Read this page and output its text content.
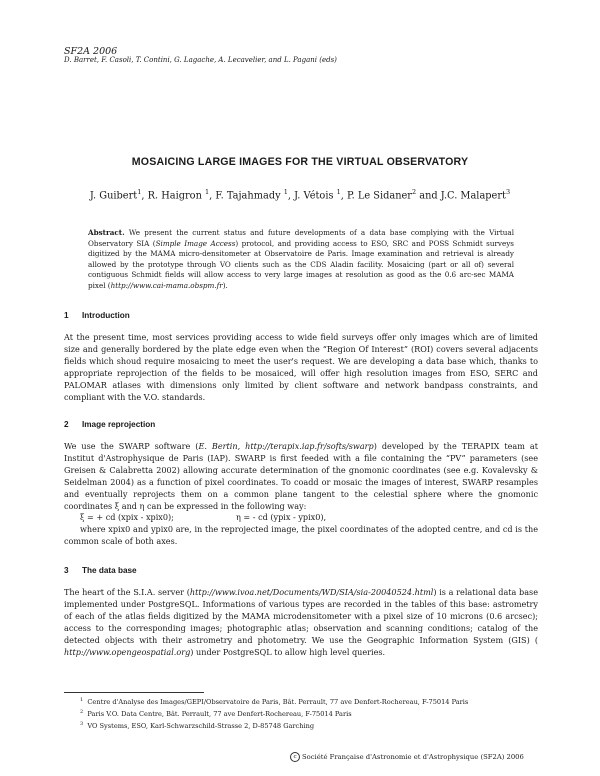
SF2A 2006
D. Barret, F. Casoli, T. Contini, G. Lagache, A. Lecavelier, and L. Pagani (eds)
MOSAICING LARGE IMAGES FOR THE VIRTUAL OBSERVATORY
J. Guibert$^1$, R. Haigron $^1$, F. Tajahmady $^1$, J. Vétois $^1$, P. Le Sidaner$^2$ and J.C. Malapert$^3$
Abstract. We present the current status and future developments of a data base complying with the Virtual Observatory SIA (Simple Image Access) protocol, and providing access to ESO, SRC and POSS Schmidt surveys digitized by the MAMA micro-densitometer at Observatoire de Paris. Image examination and retrieval is already allowed by the prototype through VO clients such as the CDS Aladin facility. Mosaicing (part or all of) several contiguous Schmidt fields will allow access to very large images at resolution as good as the 0.6 arc-sec MAMA pixel (http://www.cai-mama.obspm.fr).
1 Introduction
At the present time, most services providing access to wide field surveys offer only images which are of limited size and generally bordered by the plate edge even when the “Region Of Interest” (ROI) covers several adjacents fields which shoud require mosaicing to meet the user's request. We are developing a data base which, thanks to appropriate reprojection of the fields to be mosaiced, will offer high resolution images from ESO, SERC and PALOMAR atlases with dimensions only limited by client software and network bandpass constraints, and compliant with the V.O. standards.
2 Image reprojection
We use the SWARP software (E. Bertin, http://terapix.iap.fr/softs/swarp) developed by the TERAPIX team at Institut d'Astrophysique de Paris (IAP). SWARP is first feeded with a file containing the “PV” parameters (see Greisen & Calabretta 2002) allowing accurate determination of the gnomonic coordinates (see e.g. Kovalevsky & Seidelman 2004) as a function of pixel coordinates. To coadd or mosaic the images of interest, SWARP resamples and eventually reprojects them on a common plane tangent to the celestial sphere where the gnomonic coordinates ξ and η can be expressed in the following way:
ξ = + cd (xpix - xpix0);	η = - cd (ypix - ypix0),
where xpix0 and ypix0 are, in the reprojected image, the pixel coordinates of the adopted centre, and cd is the common scale of both axes.
3 The data base
The heart of the S.I.A. server (http://www.ivoa.net/Documents/WD/SIA/sia-20040524.html) is a relational data base implemented under PostgreSQL. Informations of various types are recorded in the tables of this base: astrometry of each of the atlas fields digitized by the MAMA microdensitometer with a pixel size of 10 microns (0.6 arcsec); access to the corresponding images; photographic atlas; observation and scanning conditions; catalog of the detected objects with their astrometry and photometry. We use the Geographic Information System (GIS) ( http://www.opengeospatial.org) under PostgreSQL to allow high level queries.
$^1$ Centre d'Analyse des Images/GEPI/Observatoire de Paris, Bât. Perrault, 77 ave Denfert-Rochereau, F-75014 Paris
$^2$ Paris V.O. Data Centre, Bât. Perrault, 77 ave Denfert-Rochereau, F-75014 Paris
$^3$ VO Systems, ESO, Karl-Schwarzschild-Strasse 2, D-85748 Garching
c Société Française d'Astronomie et d'Astrophysique (SF2A) 2006
